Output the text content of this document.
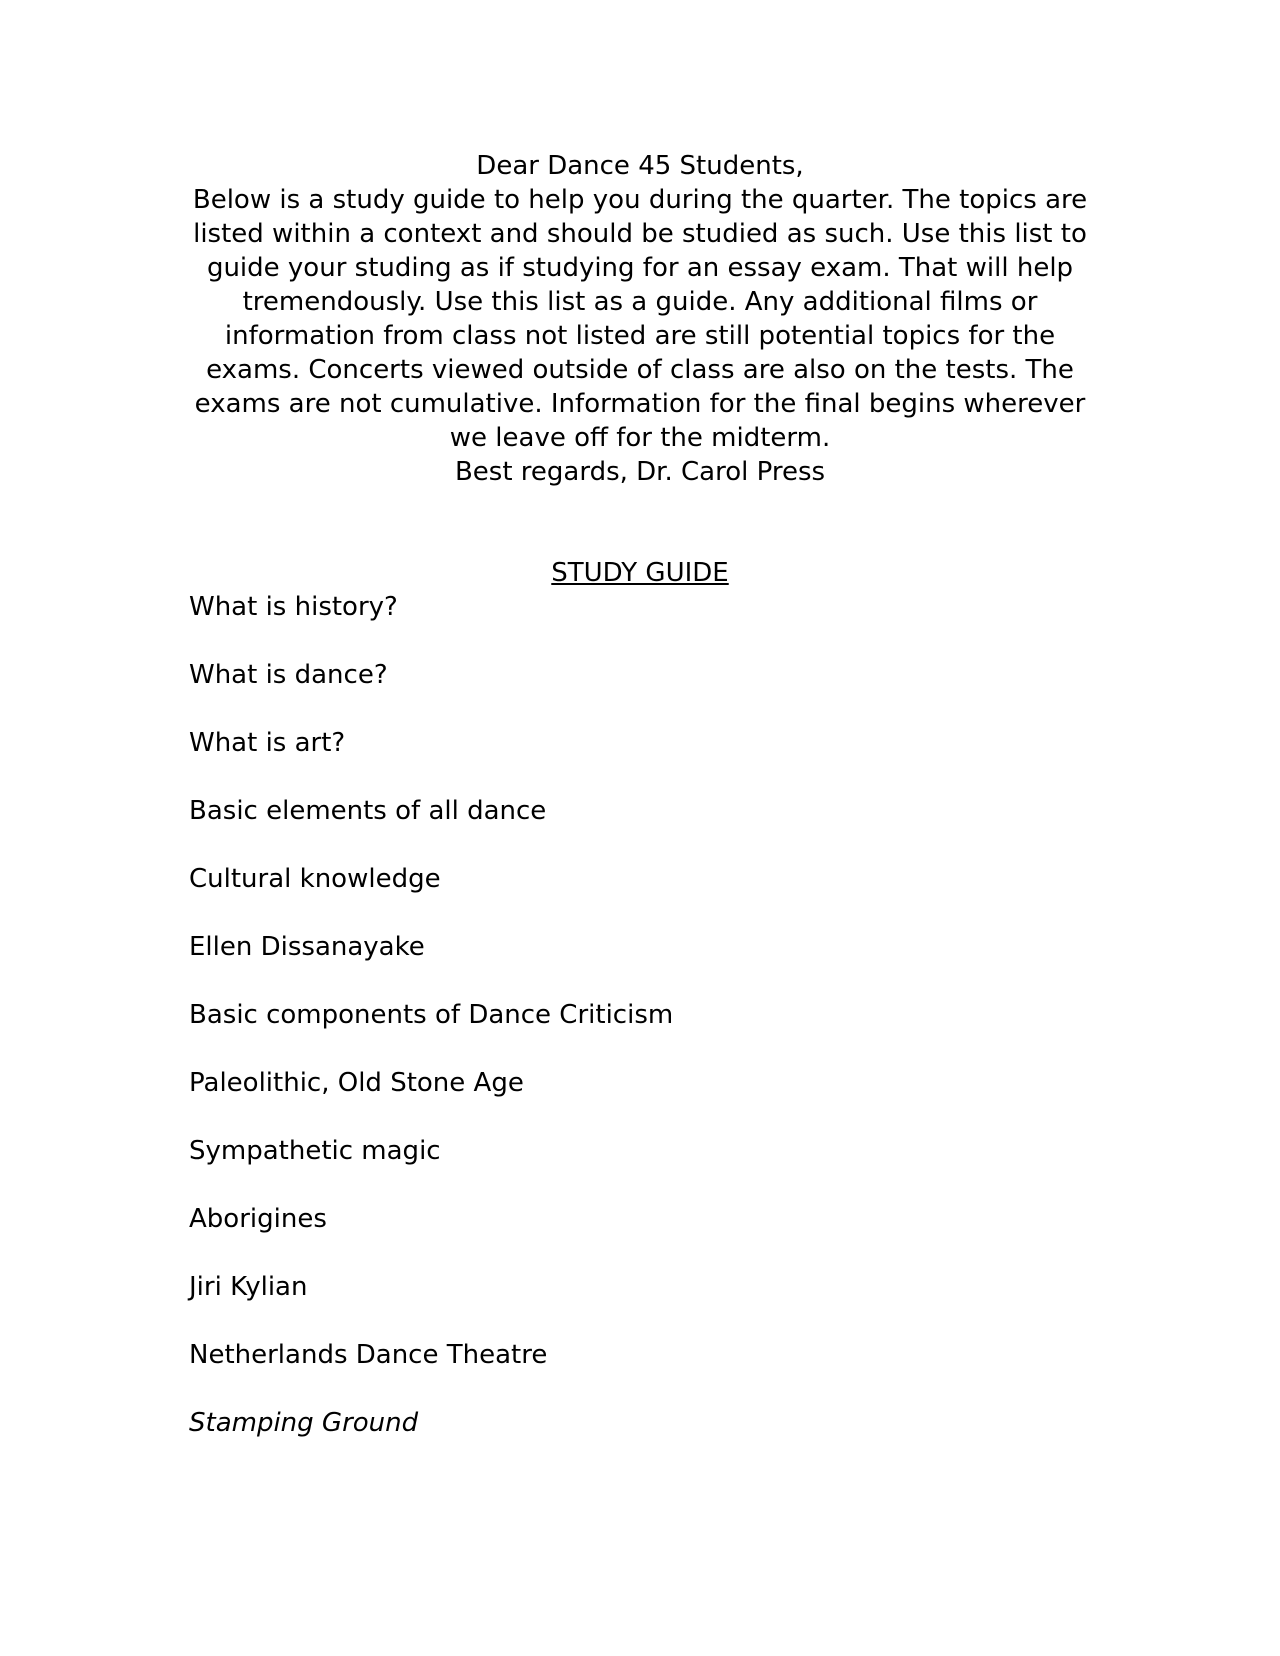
Dear Dance 45 Students,
Below is a study guide to help you during the quarter. The topics are listed within a context and should be studied as such. Use this list to guide your studing as if studying for an essay exam. That will help tremendously. Use this list as a guide. Any additional films or information from class not listed are still potential topics for the exams. Concerts viewed outside of class are also on the tests. The exams are not cumulative. Information for the final begins wherever we leave off for the midterm.
Best regards, Dr. Carol Press
STUDY GUIDE
What is history?
What is dance?
What is art?
Basic elements of all dance
Cultural knowledge
Ellen Dissanayake
Basic components of Dance Criticism
Paleolithic, Old Stone Age
Sympathetic magic
Aborigines
Jiri Kylian
Netherlands Dance Theatre
Stamping Ground
